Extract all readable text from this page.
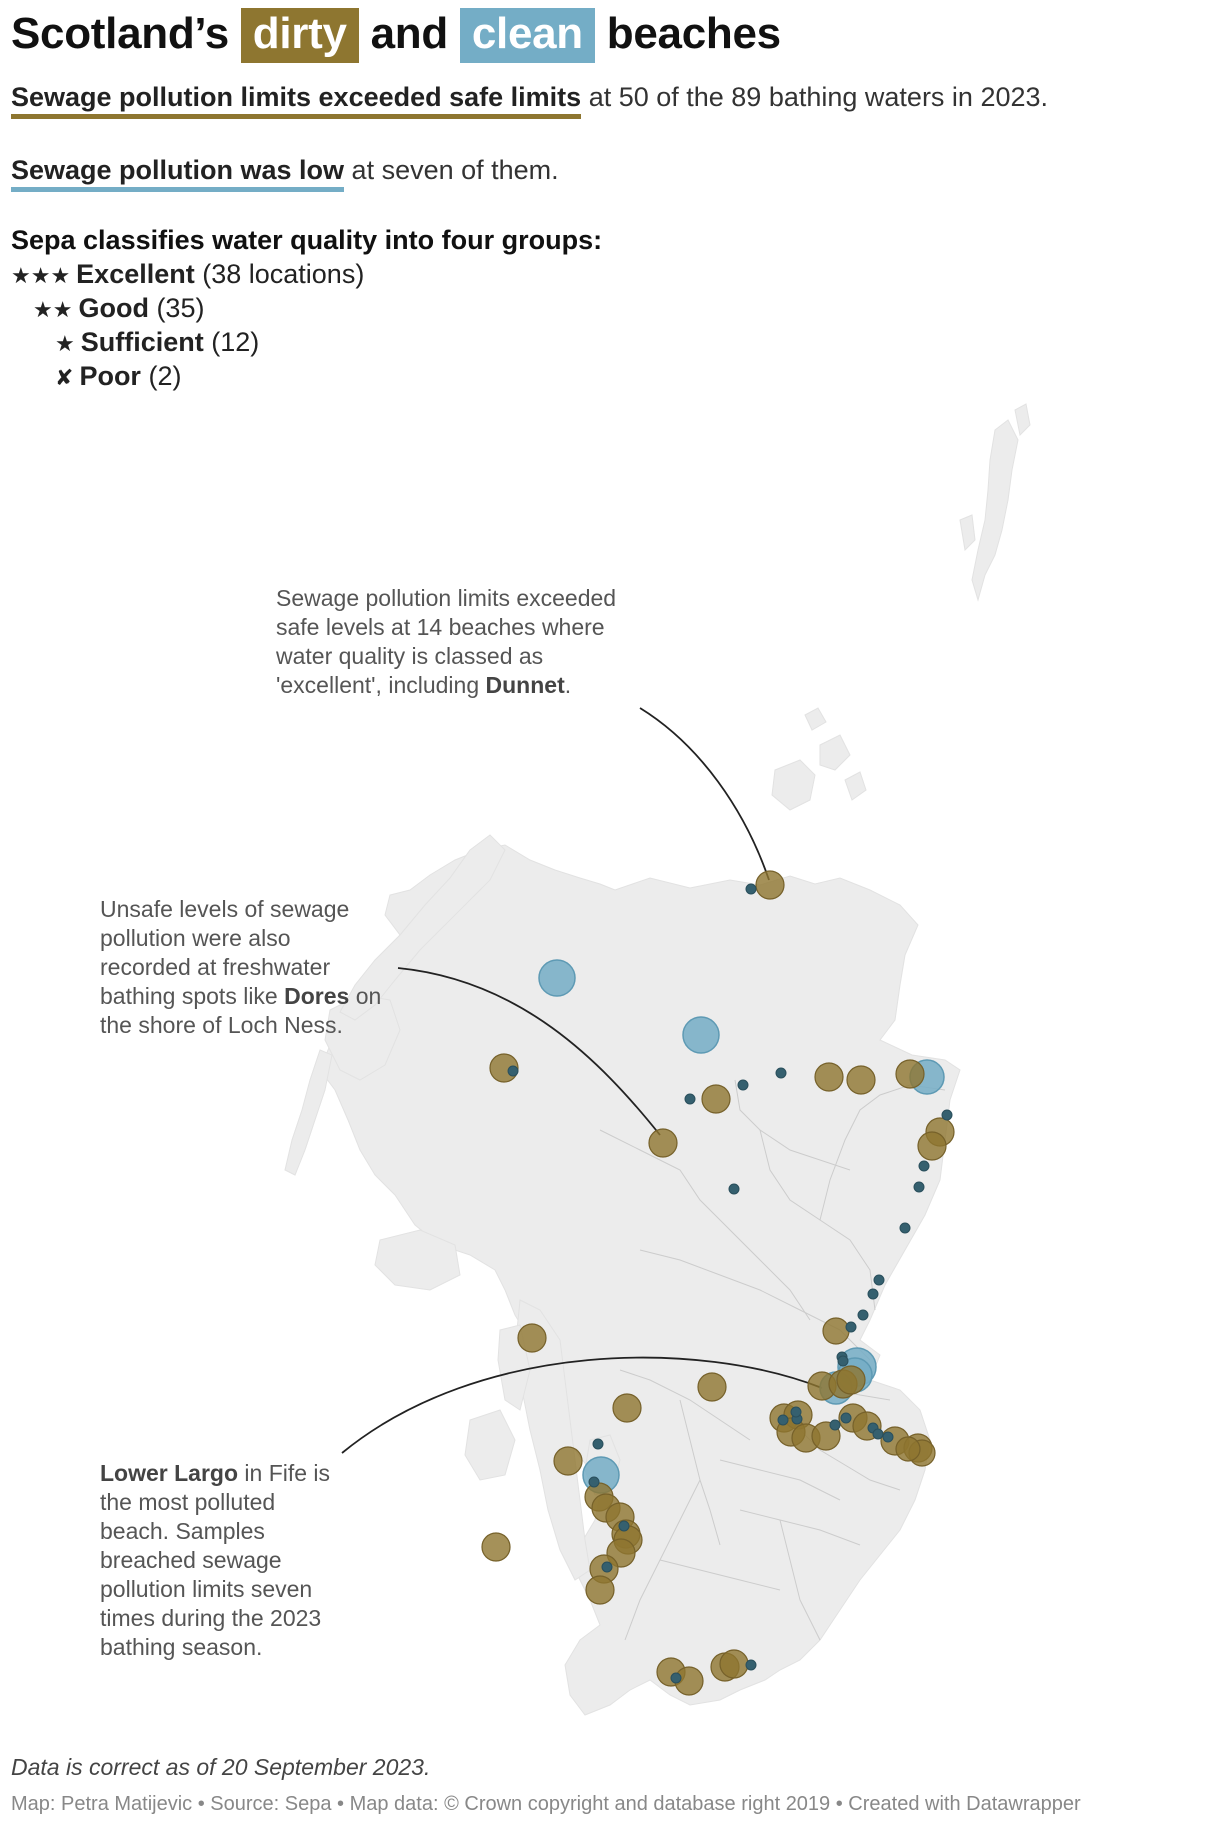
Scotland’s dirty and clean beaches
Sewage pollution limits exceeded safe limits at 50 of the 89 bathing waters in 2023.
Sewage pollution was low at seven of them.
Sepa classifies water quality into four groups:
★★★ Excellent (38 locations)
★★ Good (35)
★ Sufficient (12)
✘ Poor (2)
Sewage pollution limits exceeded
safe levels at 14 beaches where
water quality is classed as
'excellent', including Dunnet.
Unsafe levels of sewage
pollution were also
recorded at freshwater
bathing spots like Dores on
the shore of Loch Ness.
Lower Largo in Fife is
the most polluted
beach. Samples
breached sewage
pollution limits seven
times during the 2023
bathing season.
Data is correct as of 20 September 2023.
Map: Petra Matijevic • Source: Sepa • Map data: © Crown copyright and database right 2019 • Created with Datawrapper
